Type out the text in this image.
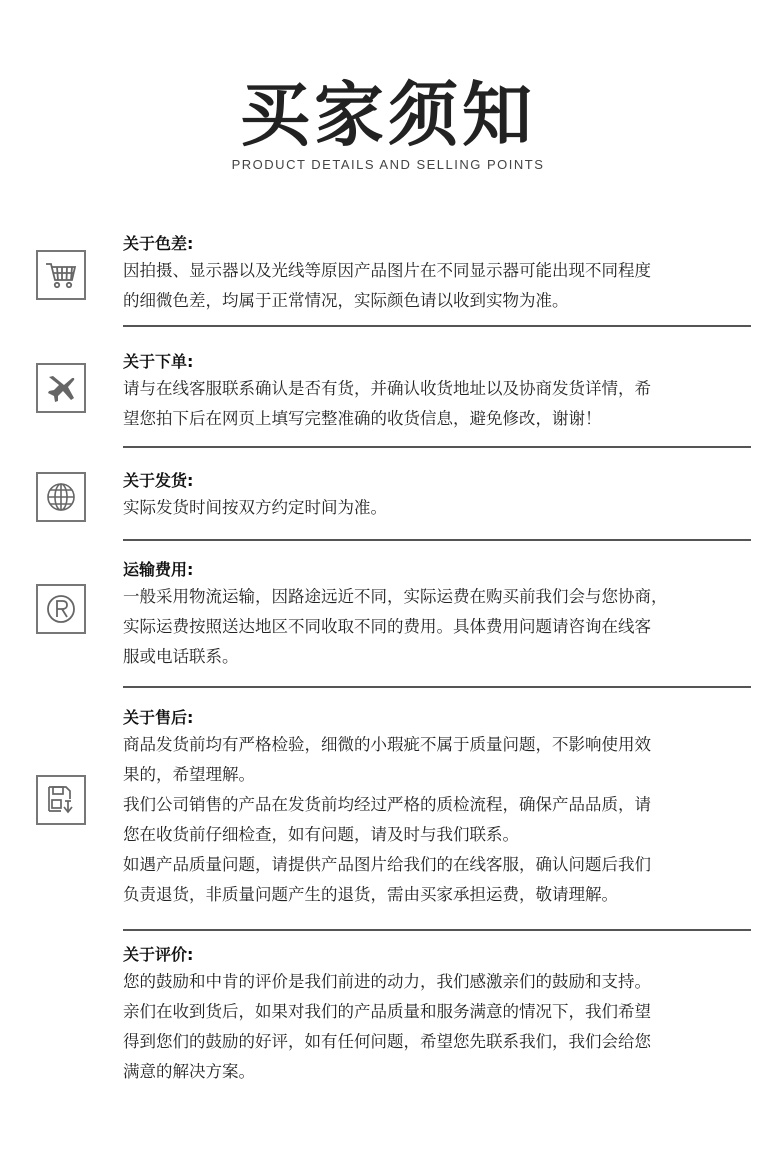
买家须知
PRODUCT DETAILS AND SELLING POINTS
关于色差:
因拍摄、显示器以及光线等原因产品图片在不同显示器可能出现不同程度
的细微色差，均属于正常情况，实际颜色请以收到实物为准。
关于下单:
请与在线客服联系确认是否有货，并确认收货地址以及协商发货详情，希
望您拍下后在网页上填写完整准确的收货信息，避免修改，谢谢！
关于发货:
实际发货时间按双方约定时间为准。
运输费用:
一般采用物流运输，因路途远近不同，实际运费在购买前我们会与您协商，
实际运费按照送达地区不同收取不同的费用。具体费用问题请咨询在线客
服或电话联系。
关于售后:
商品发货前均有严格检验，细微的小瑕疵不属于质量问题，不影响使用效
果的，希望理解。
我们公司销售的产品在发货前均经过严格的质检流程，确保产品品质，请
您在收货前仔细检查，如有问题，请及时与我们联系。
如遇产品质量问题，请提供产品图片给我们的在线客服，确认问题后我们
负责退货，非质量问题产生的退货，需由买家承担运费，敬请理解。
关于评价:
您的鼓励和中肯的评价是我们前进的动力，我们感激亲们的鼓励和支持。
亲们在收到货后，如果对我们的产品质量和服务满意的情况下，我们希望
得到您们的鼓励的好评，如有任何问题，希望您先联系我们，我们会给您
满意的解决方案。
